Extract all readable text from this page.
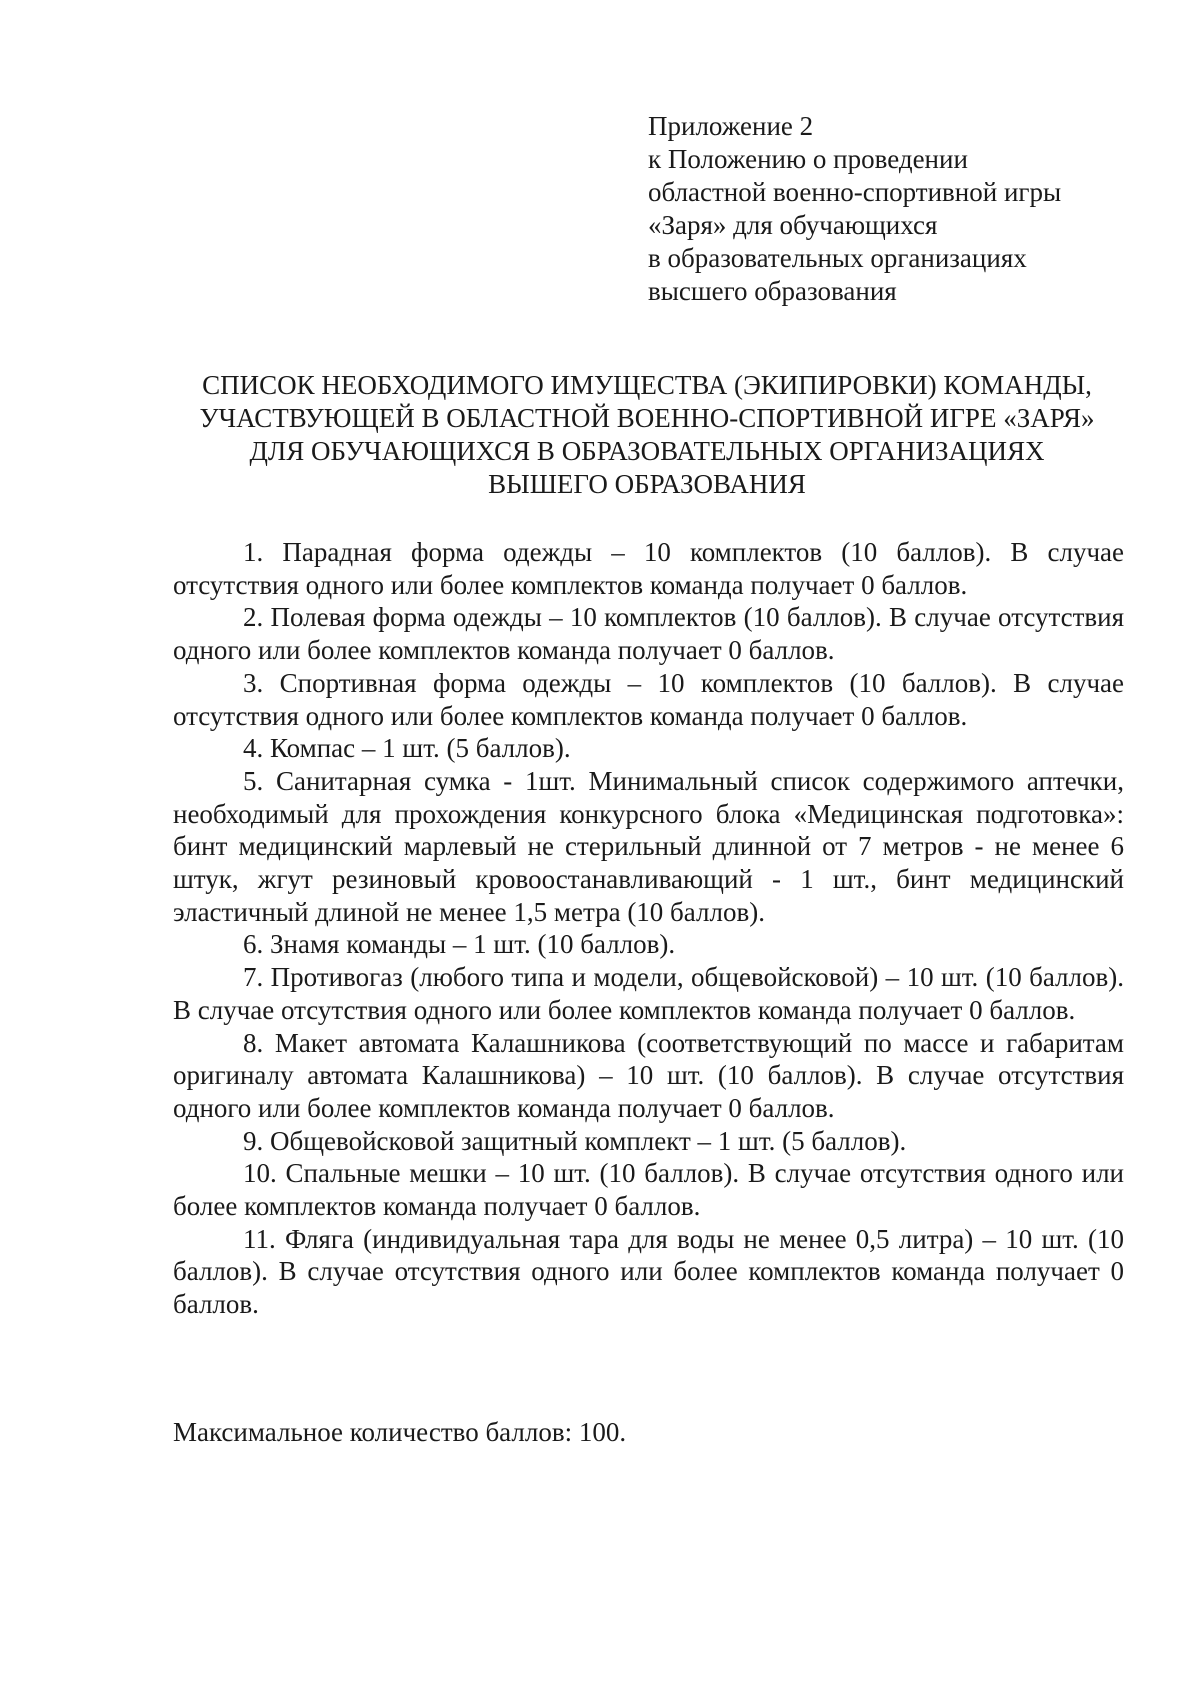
Приложение 2
к Положению о проведении
областной военно-спортивной игры
«Заря» для обучающихся
в образовательных организациях
высшего образования
СПИСОК НЕОБХОДИМОГО ИМУЩЕСТВА (ЭКИПИРОВКИ) КОМАНДЫ,
УЧАСТВУЮЩЕЙ В ОБЛАСТНОЙ ВОЕННО-СПОРТИВНОЙ ИГРЕ «ЗАРЯ»
ДЛЯ ОБУЧАЮЩИХСЯ В ОБРАЗОВАТЕЛЬНЫХ ОРГАНИЗАЦИЯХ
ВЫШЕГО ОБРАЗОВАНИЯ

1. Парадная форма одежды – 10 комплектов (10 баллов). В случае отсутствия одного или более комплектов команда получает 0 баллов.

2. Полевая форма одежды – 10 комплектов (10 баллов). В случае отсутствия одного или более комплектов команда получает 0 баллов.

3. Спортивная форма одежды – 10 комплектов (10 баллов). В случае отсутствия одного или более комплектов команда получает 0 баллов.

4. Компас – 1 шт. (5 баллов).

5. Санитарная сумка - 1шт. Минимальный список содержимого аптечки, необходимый для прохождения конкурсного блока «Медицинская подготовка»: бинт медицинский марлевый не стерильный длинной от 7 метров - не менее 6 штук, жгут резиновый кровоостанавливающий - 1 шт., бинт медицинский эластичный длиной не менее 1,5 метра (10 баллов).

6. Знамя команды – 1 шт. (10 баллов).

7. Противогаз (любого типа и модели, общевойсковой) – 10 шт. (10 баллов). В случае отсутствия одного или более комплектов команда получает 0 баллов.

8. Макет автомата Калашникова (соответствующий по массе и габаритам оригиналу автомата Калашникова) – 10 шт. (10 баллов). В случае отсутствия одного или более комплектов команда получает 0 баллов.

9. Общевойсковой защитный комплект – 1 шт. (5 баллов).

10. Спальные мешки – 10 шт. (10 баллов). В случае отсутствия одного или более комплектов команда получает 0 баллов.

11. Фляга (индивидуальная тара для воды не менее 0,5 литра) – 10 шт. (10 баллов). В случае отсутствия одного или более комплектов команда получает 0 баллов.

Максимальное количество баллов: 100.
